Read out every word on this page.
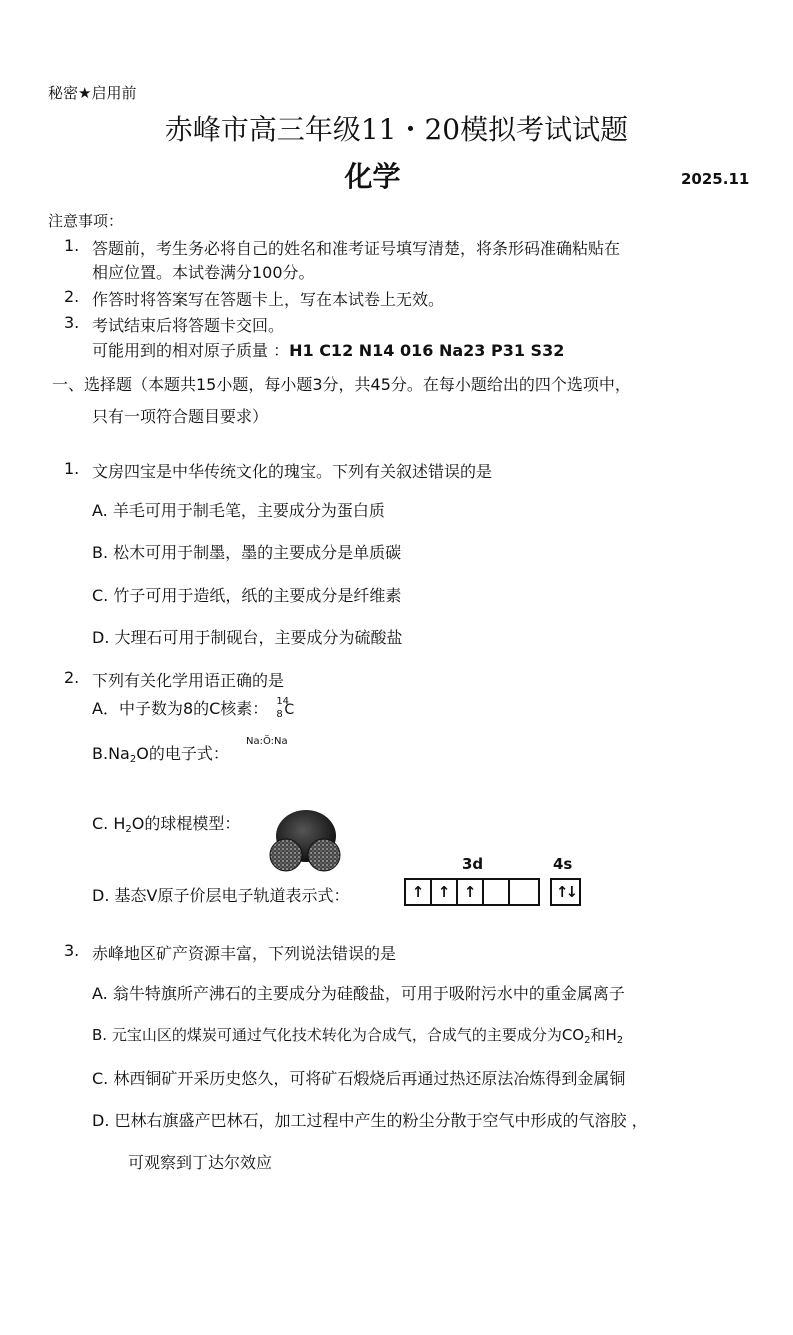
秘密★启用前
赤峰市高三年级11・20模拟考试试题
化学	2025.11
注意事项：
1. 答题前，考生务必将自己的姓名和准考证号填写清楚，将条形码准确粘贴在
相应位置。本试卷满分100分。
2. 作答时将答案写在答题卡上，写在本试卷上无效。
3. 考试结束后将答题卡交回。
可能用到的相对原子质量 ：H1 C12 N14 016 Na23 P31 S32
一、选择题（本题共15小题，每小题3分，共45分。在每小题给出的四个选项中，
只有一项符合题目要求）
1. 文房四宝是中华传统文化的瑰宝。下列有关叙述错误的是
A. 羊毛可用于制毛笔，主要成分为蛋白质
B. 松木可用于制墨，墨的主要成分是单质碳
C. 竹子可用于造纸，纸的主要成分是纤维素
D. 大理石可用于制砚台，主要成分为硫酸盐
2. 下列有关化学用语正确的是
A．中子数为8的C核素： 14
8 C
$B.Na_2O$的电子式：
Na:Ö:Na
C. $H_2O$的球棍模型：
D. 基态V原子价层电子轨道表示式：
3d	4s
↑ ↑ ↑	↑↓
3. 赤峰地区矿产资源丰富，下列说法错误的是
A. 翁牛特旗所产沸石的主要成分为硅酸盐，可用于吸附污水中的重金属离子
B. 元宝山区的煤炭可通过气化技术转化为合成气，合成气的主要成分为$CO_2$和$H_2$
C. 林西铜矿开采历史悠久，可将矿石煅烧后再通过热还原法冶炼得到金属铜
D. 巴林右旗盛产巴林石，加工过程中产生的粉尘分散于空气中形成的气溶胶 ，
可观察到丁达尔效应
